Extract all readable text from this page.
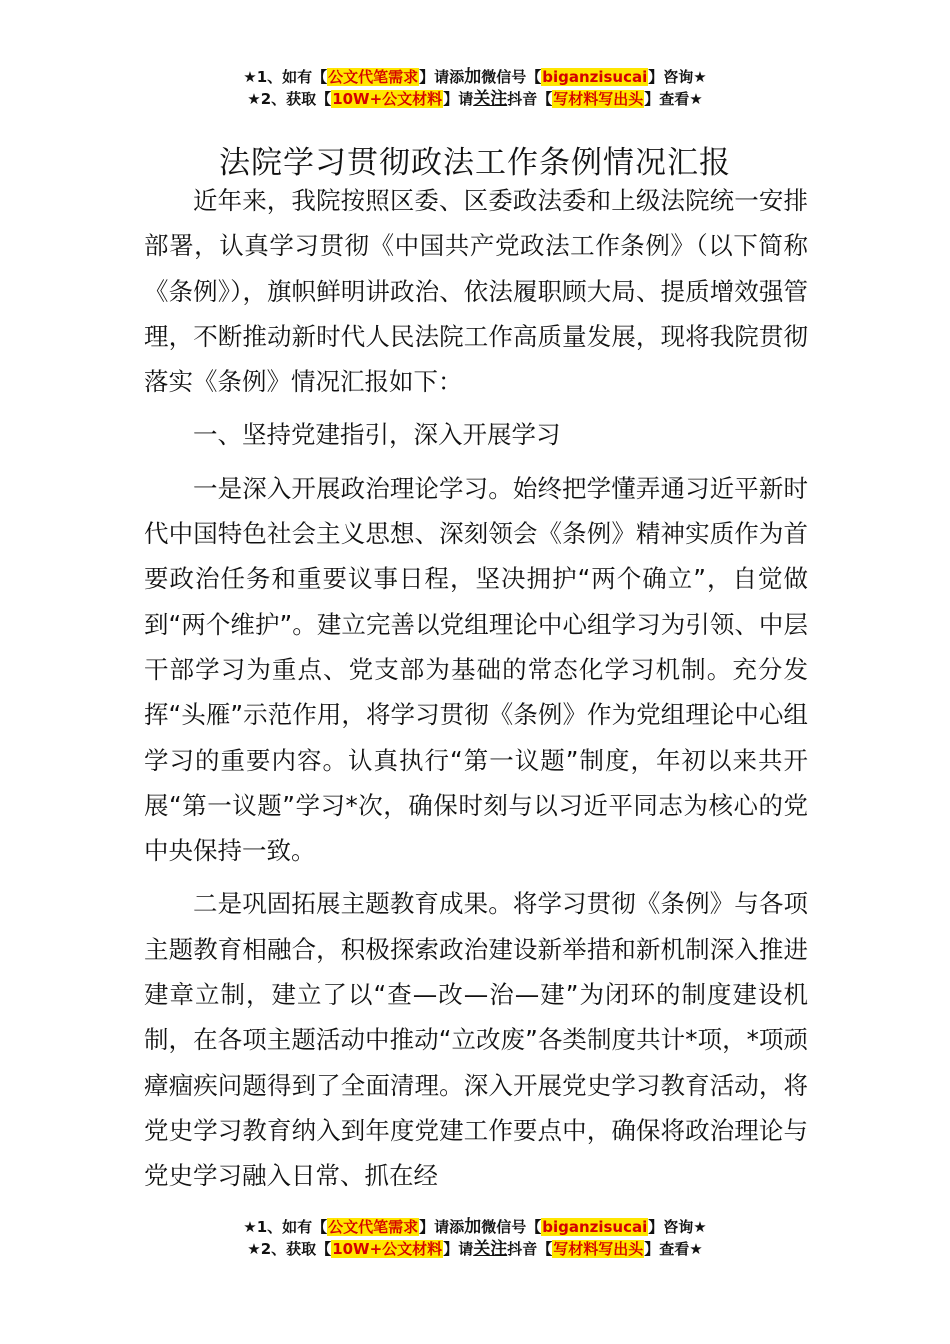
★1、如有【公文代笔需求】请添加微信号【biganzisucai】咨询★
★2、获取【10W+公文材料】请关注抖音【写材料写出头】查看★
法院学习贯彻政法工作条例情况汇报

近年来，我院按照区委、区委政法委和上级法院统一安排部署，认真学习贯彻《中国共产党政法工作条例》（以下简称《条例》），旗帜鲜明讲政治、依法履职顾大局、提质增效强管理，不断推动新时代人民法院工作高质量发展，现将我院贯彻落实《条例》情况汇报如下：

一、坚持党建指引，深入开展学习

一是深入开展政治理论学习。始终把学懂弄通习近平新时代中国特色社会主义思想、深刻领会《条例》精神实质作为首要政治任务和重要议事日程，坚决拥护“两个确立”，自觉做到“两个维护”。建立完善以党组理论中心组学习为引领、中层干部学习为重点、党支部为基础的常态化学习机制。充分发挥“头雁”示范作用，将学习贯彻《条例》作为党组理论中心组学习的重要内容。认真执行“第一议题”制度，年初以来共开展“第一议题”学习*次，确保时刻与以习近平同志为核心的党中央保持一致。

二是巩固拓展主题教育成果。将学习贯彻《条例》与各项主题教育相融合，积极探索政治建设新举措和新机制深入推进建章立制，建立了以“查—改—治—建”为闭环的制度建设机制，在各项主题活动中推动“立改废”各类制度共计*项，*项顽瘴痼疾问题得到了全面清理。深入开展党史学习教育活动，将党史学习教育纳入到年度党建工作要点中，确保将政治理论与党史学习融入日常、抓在经

★1、如有【公文代笔需求】请添加微信号【biganzisucai】咨询★
★2、获取【10W+公文材料】请关注抖音【写材料写出头】查看★
